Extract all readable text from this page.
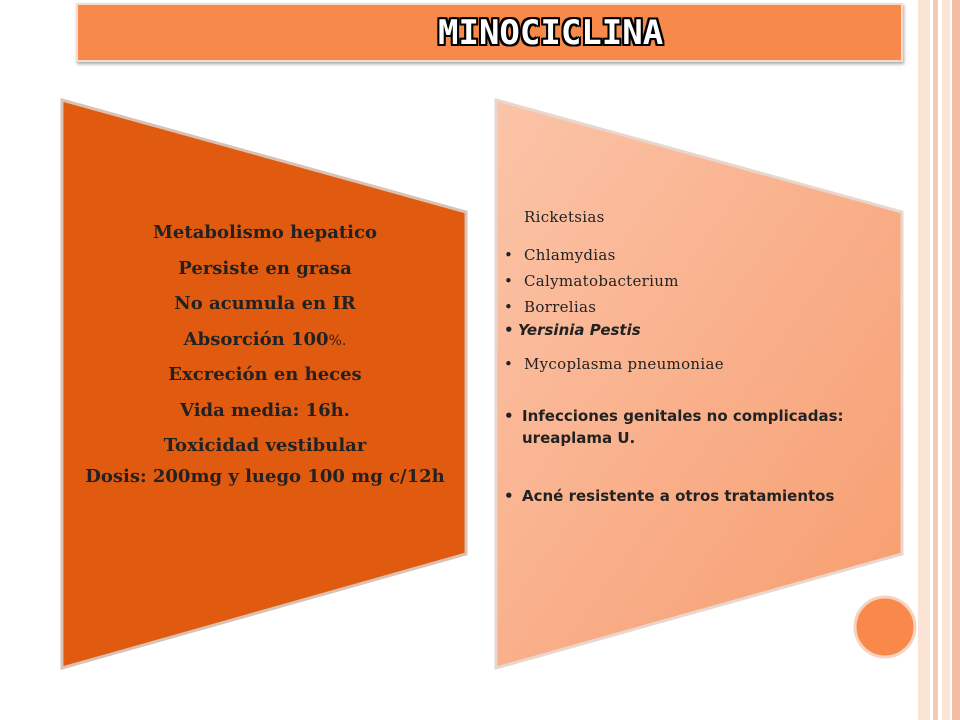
MINOCICLINA
Metabolismo hepatico
Persiste en grasa
No acumula en IR
Absorción 100%.
Excreción en heces
Vida media: 16h.
Toxicidad vestibular
Dosis: 200mg y luego 100 mg c/12h
Ricketsias
• Chlamydias
• Calymatobacterium
• Borrelias
• Yersinia Pestis
• Mycoplasma pneumoniae
• Infecciones genitales no complicadas: ureaplama U.
• Acné resistente a otros tratamientos
